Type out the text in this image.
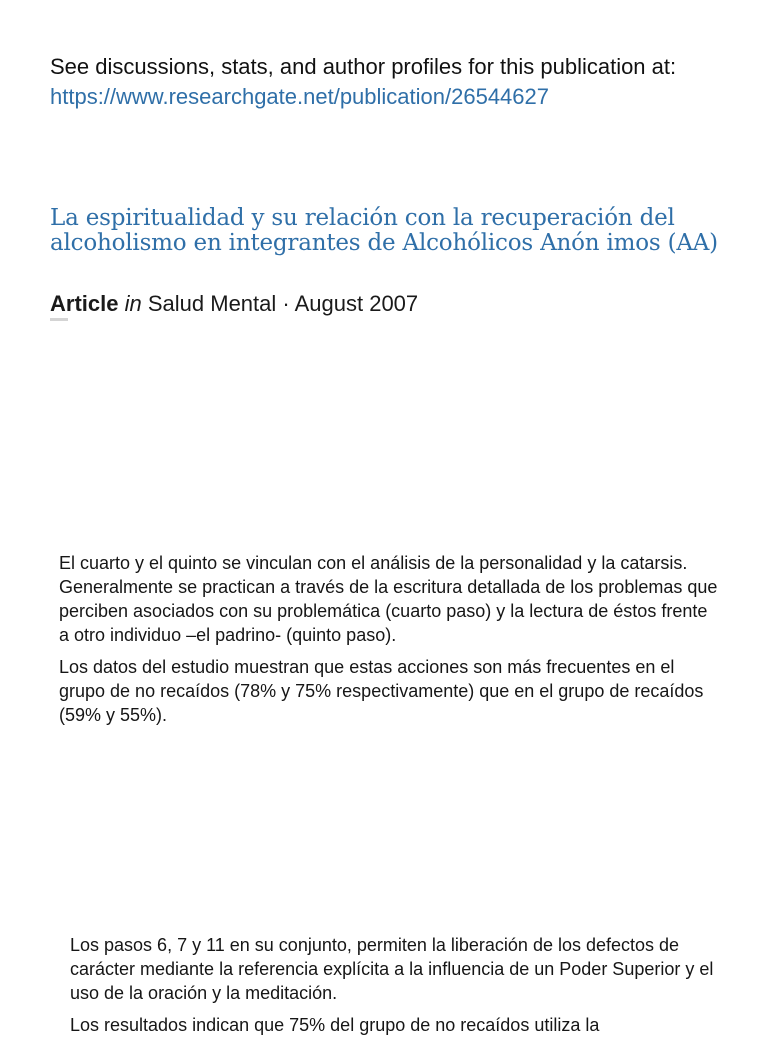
See discussions, stats, and author profiles for this publication at: https://www.researchgate.net/publication/26544627
La espiritualidad y su relación con la recuperación del alcoholismo en integrantes de Alcohólicos Anón imos (AA)
Article in Salud Mental · August 2007

El cuarto y el quinto se vinculan con el análisis de la personalidad y la catarsis. Generalmente se practican a través de la escritura detallada de los problemas que perciben asociados con su problemática (cuarto paso) y la lectura de éstos frente a otro individuo –el padrino- (quinto paso).

Los datos del estudio muestran que estas acciones son más frecuentes en el grupo de no recaídos (78% y 75% respectivamente) que en el grupo de recaídos (59% y 55%).

Los pasos 6, 7 y 11 en su conjunto, permiten la liberación de los defectos de carácter mediante la referencia explícita a la influencia de un Poder Superior y el uso de la oración y la meditación.

Los resultados indican que 75% del grupo de no recaídos utiliza la
